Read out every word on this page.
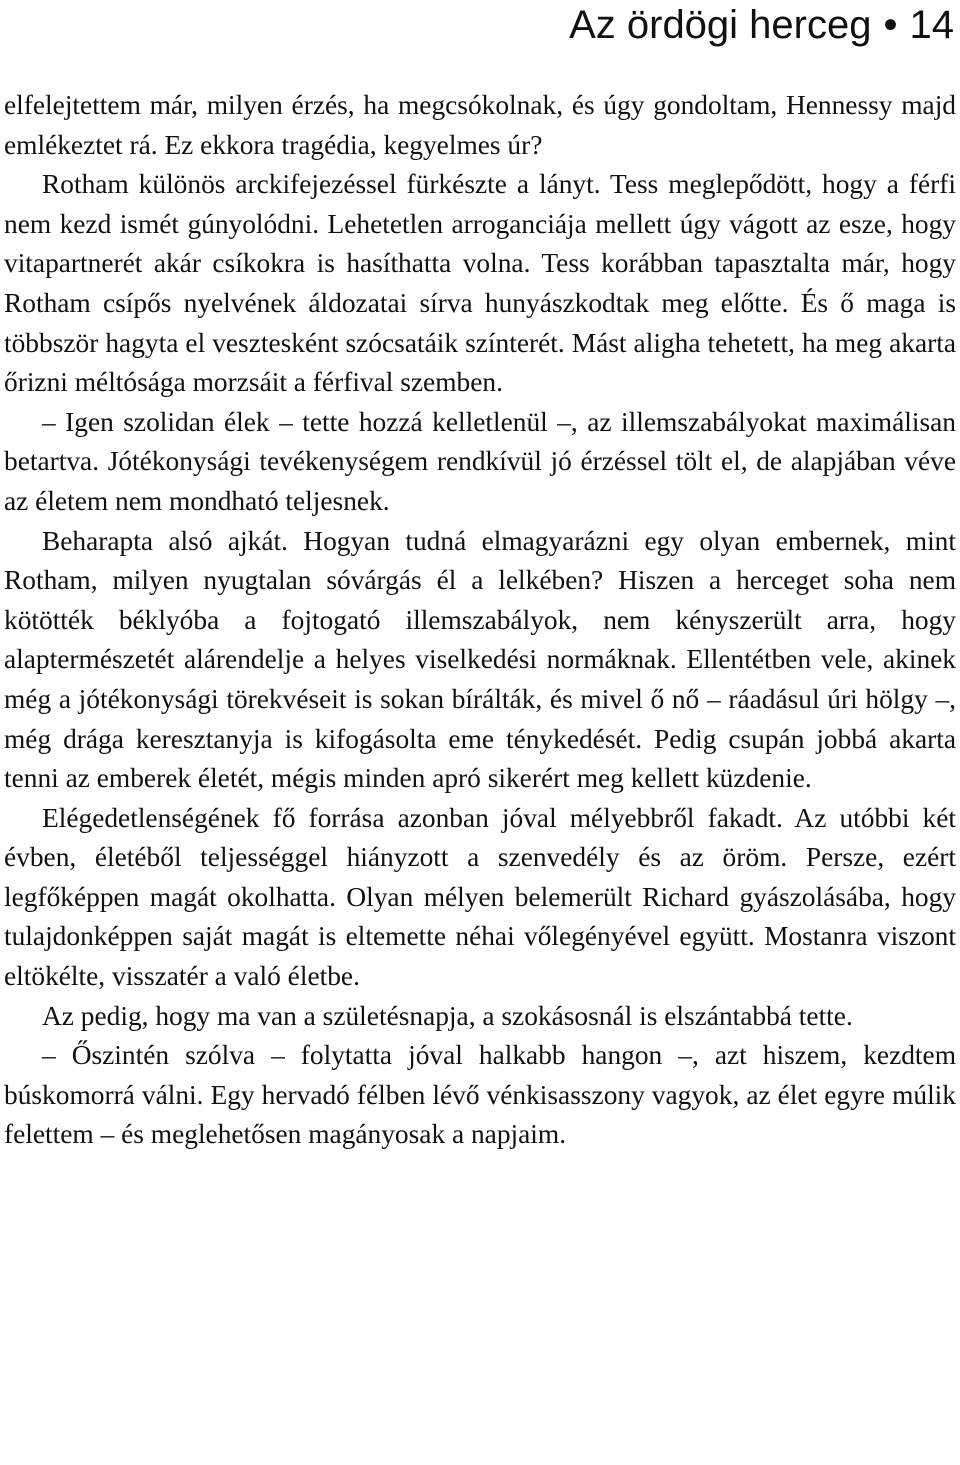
Az ördögi herceg • 14

elfelejtettem már, milyen érzés, ha megcsókolnak, és úgy gondoltam, Hennessy majd emlékeztet rá. Ez ekkora tragédia, kegyelmes úr?

Rotham különös arckifejezéssel fürkészte a lányt. Tess meglepődött, hogy a férfi nem kezd ismét gúnyolódni. Lehetetlen arroganciája mellett úgy vágott az esze, hogy vitapartnerét akár csíkokra is hasíthatta volna. Tess korábban tapasztalta már, hogy Rotham csípős nyelvének áldozatai sírva hunyászkodtak meg előtte. És ő maga is többször hagyta el vesztesként szócsatáik színterét. Mást aligha tehetett, ha meg akarta őrizni méltósága morzsáit a férfival szemben.

– Igen szolidan élek – tette hozzá kelletlenül –, az illemszabályokat maximálisan betartva. Jótékonysági tevékenységem rendkívül jó érzéssel tölt el, de alapjában véve az életem nem mondható teljesnek.

Beharapta alsó ajkát. Hogyan tudná elmagyarázni egy olyan embernek, mint Rotham, milyen nyugtalan sóvárgás él a lelkében? Hiszen a herceget soha nem kötötték béklyóba a fojtogató illemszabályok, nem kényszerült arra, hogy alaptermészetét alárendelje a helyes viselkedési normáknak. Ellentétben vele, akinek még a jótékonysági törekvéseit is sokan bírálták, és mivel ő nő – ráadásul úri hölgy –, még drága keresztanyja is kifogásolta eme ténykedését. Pedig csupán jobbá akarta tenni az emberek életét, mégis minden apró sikerért meg kellett küzdenie.

Elégedetlenségének fő forrása azonban jóval mélyebbről fakadt. Az utóbbi két évben, életéből teljességgel hiányzott a szenvedély és az öröm. Persze, ezért legfőképpen magát okolhatta. Olyan mélyen belemerült Richard gyászolásába, hogy tulajdonképpen saját magát is eltemette néhai vőlegényével együtt. Mostanra viszont eltökélte, visszatér a való életbe.

Az pedig, hogy ma van a születésnapja, a szokásosnál is elszántabbá tette.

– Őszintén szólva – folytatta jóval halkabb hangon –, azt hiszem, kezdtem búskomorrá válni. Egy hervadó félben lévő vénkisasszony vagyok, az élet egyre múlik felettem – és meglehetősen magányosak a napjaim.
